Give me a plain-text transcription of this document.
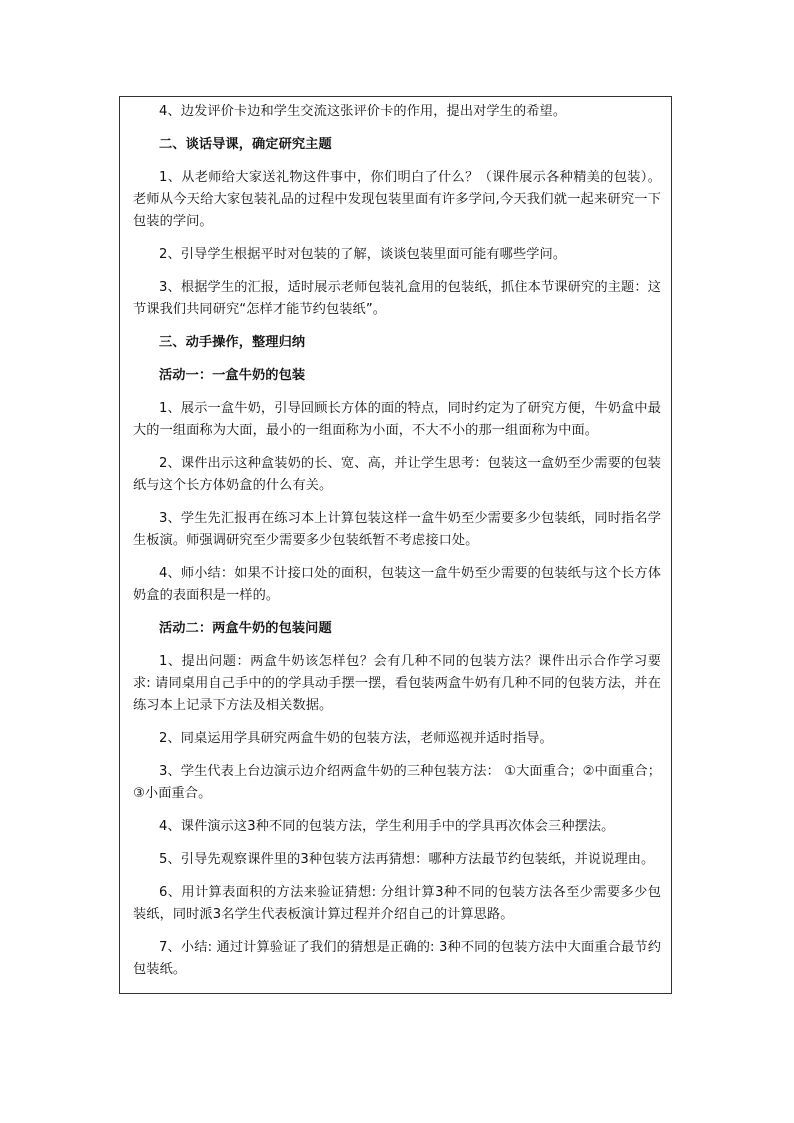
4、边发评价卡边和学生交流这张评价卡的作用，提出对学生的希望。

二、谈话导课，确定研究主题

1、从老师给大家送礼物这件事中，你们明白了什么？（课件展示各种精美的包装）。老师从今天给大家包装礼品的过程中发现包装里面有许多学问,今天我们就一起来研究一下包装的学问。

2、引导学生根据平时对包装的了解，谈谈包装里面可能有哪些学问。

3、根据学生的汇报，适时展示老师包装礼盒用的包装纸，抓住本节课研究的主题：这节课我们共同研究“怎样才能节约包装纸”。

三、动手操作，整理归纳

活动一：一盒牛奶的包装

1、展示一盒牛奶，引导回顾长方体的面的特点，同时约定为了研究方便，牛奶盒中最大的一组面称为大面，最小的一组面称为小面，不大不小的那一组面称为中面。

2、课件出示这种盒装奶的长、宽、高，并让学生思考：包装这一盒奶至少需要的包装纸与这个长方体奶盒的什么有关。

3、学生先汇报再在练习本上计算包装这样一盒牛奶至少需要多少包装纸，同时指名学生板演。师强调研究至少需要多少包装纸暂不考虑接口处。

4、师小结：如果不计接口处的面积，包装这一盒牛奶至少需要的包装纸与这个长方体奶盒的表面积是一样的。

活动二：两盒牛奶的包装问题

1、提出问题：两盒牛奶该怎样包？会有几种不同的包装方法？课件出示合作学习要求: 请同桌用自己手中的的学具动手摆一摆，看包装两盒牛奶有几种不同的包装方法，并在练习本上记录下方法及相关数据。

2、同桌运用学具研究两盒牛奶的包装方法，老师巡视并适时指导。

3、学生代表上台边演示边介绍两盒牛奶的三种包装方法： ①大面重合；②中面重合；③小面重合。

4、课件演示这3种不同的包装方法，学生利用手中的学具再次体会三种摆法。

5、引导先观察课件里的3种包装方法再猜想：哪种方法最节约包装纸，并说说理由。

6、用计算表面积的方法来验证猜想: 分组计算3种不同的包装方法各至少需要多少包装纸，同时派3名学生代表板演计算过程并介绍自己的计算思路。

7、小结: 通过计算验证了我们的猜想是正确的: 3种不同的包装方法中大面重合最节约包装纸。
